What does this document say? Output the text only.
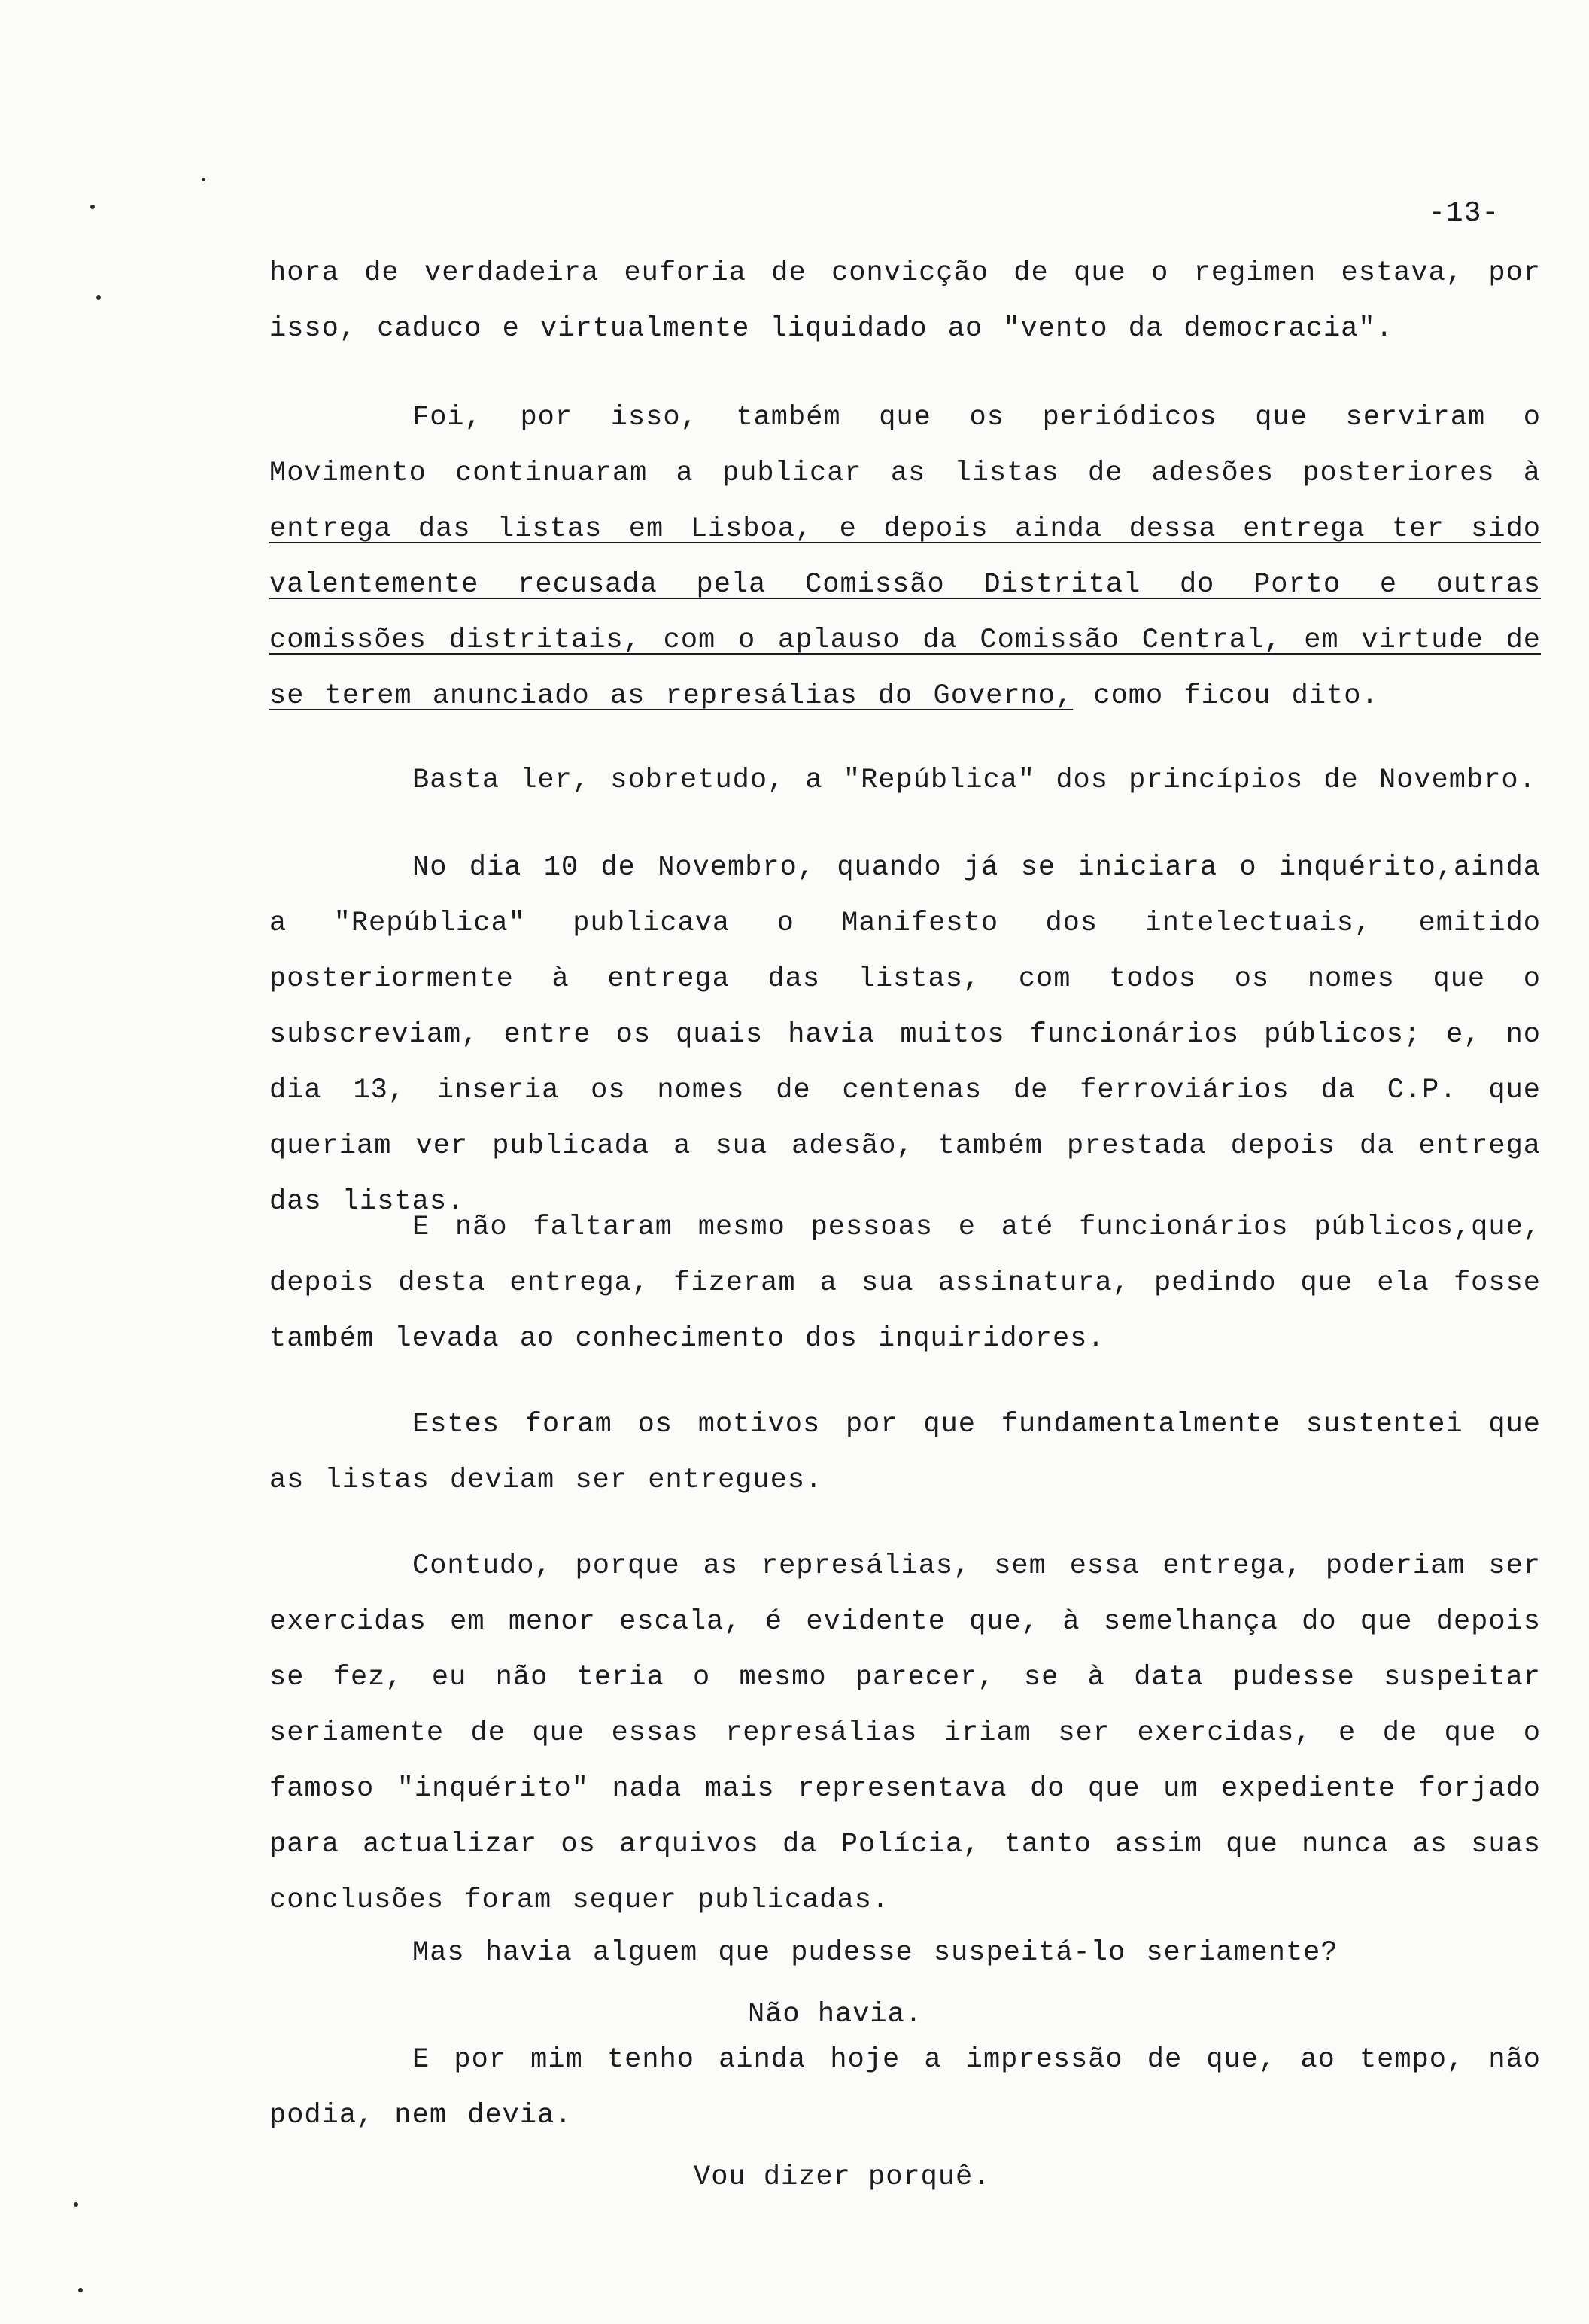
-13-

hora de verdadeira euforia de convicção de que o regimen estava, por isso, caduco e virtualmente liquidado ao "vento da democracia".

Foi, por isso, também que os periódicos que serviram o Movimento continuaram a publicar as listas de adesões posteriores à entrega das listas em Lisboa, e depois ainda dessa entrega ter sido valentemente recusada pela Comissão Distrital do Porto e outras comissões distritais, com o aplauso da Comissão Central, em virtude de se terem anunciado as represálias do Governo, como ficou dito.

Basta ler, sobretudo, a "República" dos princípios de Novembro.

No dia 10 de Novembro, quando já se iniciara o inquérito,ainda a "República" publicava o Manifesto dos intelectuais, emitido posteriormente à entrega das listas, com todos os nomes que o subscreviam, entre os quais havia muitos funcionários públicos; e, no dia 13, inseria os nomes de centenas de ferroviários da C.P. que queriam ver publicada a sua adesão, também prestada depois da entrega das listas.

E não faltaram mesmo pessoas e até funcionários públicos,que, depois desta entrega, fizeram a sua assinatura, pedindo que ela fosse também levada ao conhecimento dos inquiridores.

Estes foram os motivos por que fundamentalmente sustentei que as listas deviam ser entregues.

Contudo, porque as represálias, sem essa entrega, poderiam ser exercidas em menor escala, é evidente que, à semelhança do que depois se fez, eu não teria o mesmo parecer, se à data pudesse suspeitar seriamente de que essas represálias iriam ser exercidas, e de que o famoso "inquérito" nada mais representava do que um expediente forjado para actualizar os arquivos da Polícia, tanto assim que nunca as suas conclusões foram sequer publicadas.

Mas havia alguem que pudesse suspeitá-lo seriamente?

Não havia.

E por mim tenho ainda hoje a impressão de que, ao tempo, não podia, nem devia.

Vou dizer porquê.
